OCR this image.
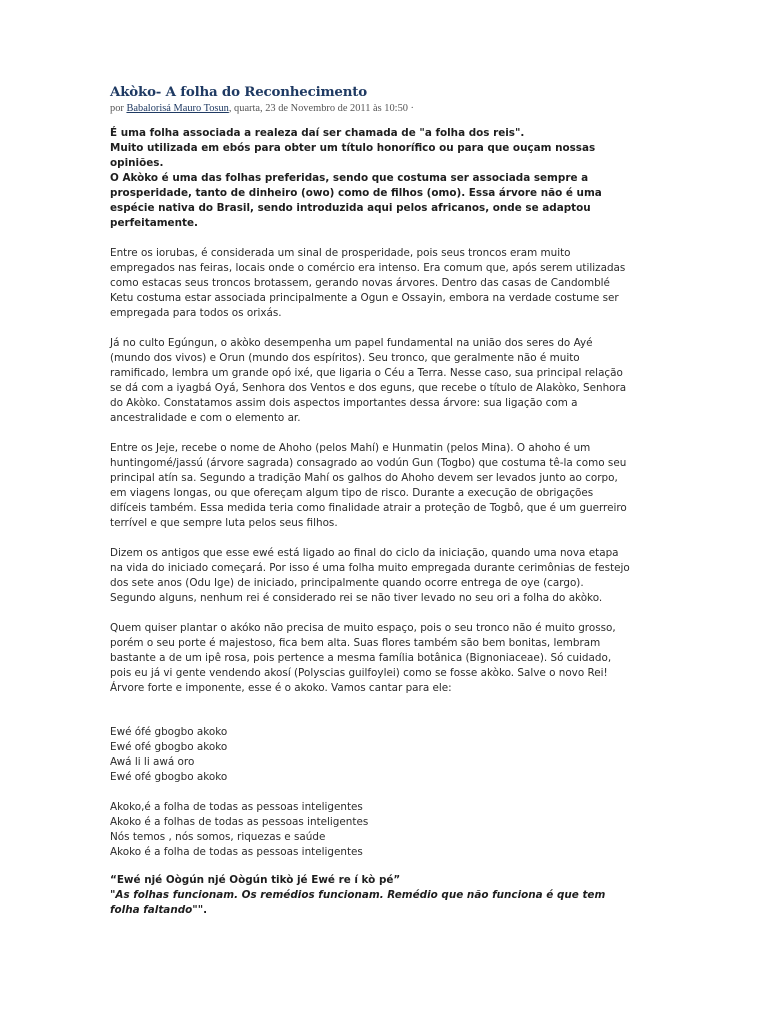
Akòko- A folha do Reconhecimento

por Babalorisá Mauro Tosun, quarta, 23 de Novembro de 2011 às 10:50 ·

É uma folha associada a realeza daí ser chamada de "a folha dos reis".
Muito utilizada em ebós para obter um título honorífico ou para que ouçam nossas
opiniões.
O Akòko é uma das folhas preferidas, sendo que costuma ser associada sempre a
prosperidade, tanto de dinheiro (owo) como de filhos (omo). Essa árvore não é uma
espécie nativa do Brasil, sendo introduzida aqui pelos africanos, onde se adaptou
perfeitamente.
Entre os iorubas, é considerada um sinal de prosperidade, pois seus troncos eram muito
empregados nas feiras, locais onde o comércio era intenso. Era comum que, após serem utilizadas
como estacas seus troncos brotassem, gerando novas árvores. Dentro das casas de Candomblé
Ketu costuma estar associada principalmente a Ogun e Ossayin, embora na verdade costume ser
empregada para todos os orixás.
Já no culto Egúngun, o akòko desempenha um papel fundamental na união dos seres do Ayé
(mundo dos vivos) e Orun (mundo dos espíritos). Seu tronco, que geralmente não é muito
ramificado, lembra um grande opó ixé, que ligaria o Céu a Terra. Nesse caso, sua principal relação
se dá com a iyagbá Oyá, Senhora dos Ventos e dos eguns, que recebe o título de Alakòko, Senhora
do Akòko. Constatamos assim dois aspectos importantes dessa árvore: sua ligação com a
ancestralidade e com o elemento ar.
Entre os Jeje, recebe o nome de Ahoho (pelos Mahí) e Hunmatin (pelos Mina). O ahoho é um
huntingomé/jassú (árvore sagrada) consagrado ao vodún Gun (Togbo) que costuma tê-la como seu
principal atín sa. Segundo a tradição Mahí os galhos do Ahoho devem ser levados junto ao corpo,
em viagens longas, ou que ofereçam algum tipo de risco. Durante a execução de obrigações
difíceis também. Essa medida teria como finalidade atrair a proteção de Togbô, que é um guerreiro
terrível e que sempre luta pelos seus filhos.
Dizem os antigos que esse ewé está ligado ao final do ciclo da iniciação, quando uma nova etapa
na vida do iniciado começará. Por isso é uma folha muito empregada durante cerimônias de festejo
dos sete anos (Odu Ige) de iniciado, principalmente quando ocorre entrega de oye (cargo).
Segundo alguns, nenhum rei é considerado rei se não tiver levado no seu ori a folha do akòko.
Quem quiser plantar o akóko não precisa de muito espaço, pois o seu tronco não é muito grosso,
porém o seu porte é majestoso, fica bem alta. Suas flores também são bem bonitas, lembram
bastante a de um ipê rosa, pois pertence a mesma família botânica (Bignoniaceae). Só cuidado,
pois eu já vi gente vendendo akosí (Polyscias guilfoylei) como se fosse akòko. Salve o novo Rei!
Árvore forte e imponente, esse é o akoko. Vamos cantar para ele:
Ewé ófé gbogbo akoko
Ewé ofé gbogbo akoko
Awá li li awá oro
Ewé ofé gbogbo akoko
Akoko,é a folha de todas as pessoas inteligentes
Akoko é a folhas de todas as pessoas inteligentes
Nós temos , nós somos, riquezas e saúde
Akoko é a folha de todas as pessoas inteligentes
“Ewé njé Oògún njé Oògún tikò jé Ewé re í kò pé”
"As folhas funcionam. Os remédios funcionam. Remédio que não funciona é que tem
folha faltando"".
